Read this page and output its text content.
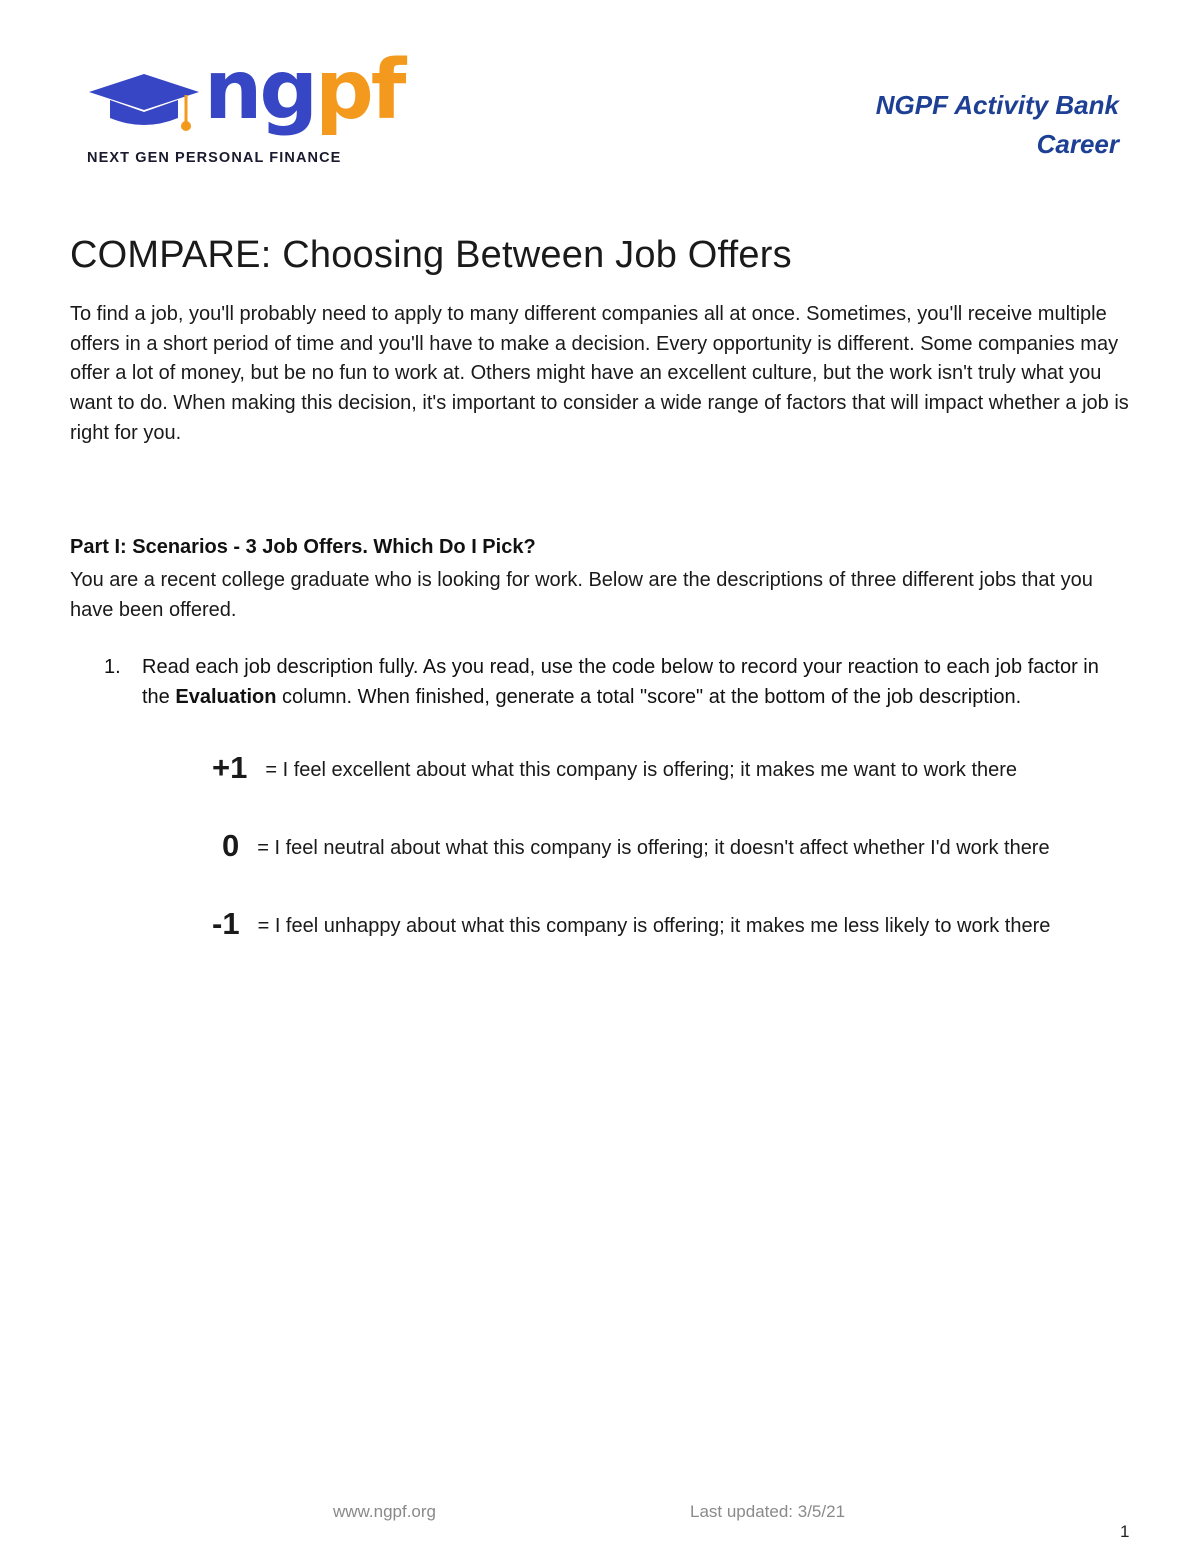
ngpf
NEXT GEN PERSONAL FINANCE
NGPF Activity Bank
Career
COMPARE: Choosing Between Job Offers

To find a job, you'll probably need to apply to many different companies all at once. Sometimes, you'll receive multiple offers in a short period of time and you'll have to make a decision. Every opportunity is different. Some companies may offer a lot of money, but be no fun to work at. Others might have an excellent culture, but the work isn't truly what you want to do. When making this decision, it's important to consider a wide range of factors that will impact whether a job is right for you.

Part I: Scenarios - 3 Job Offers. Which Do I Pick?

You are a recent college graduate who is looking for work. Below are the descriptions of three different jobs that you have been offered.

1. Read each job description fully. As you read, use the code below to record your reaction to each job factor in the Evaluation column. When finished, generate a total "score" at the bottom of the job description.
+1 = I feel excellent about what this company is offering; it makes me want to work there
0 = I feel neutral about what this company is offering; it doesn't affect whether I'd work there
-1 = I feel unhappy about what this company is offering; it makes me less likely to work there
www.ngpf.org	Last updated: 3/5/21
1
